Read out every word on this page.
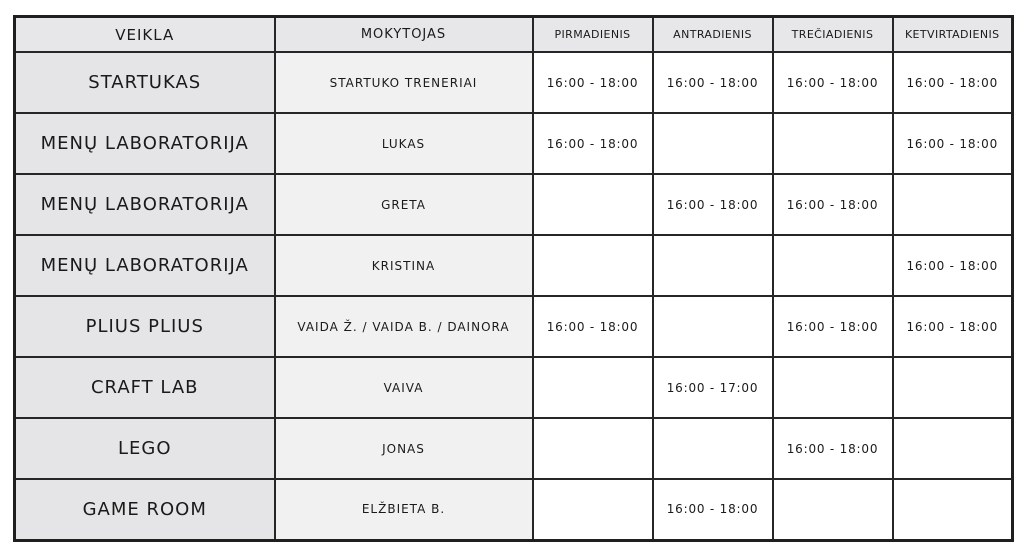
VEIKLA	MOKYTOJAS	PIRMADIENIS	ANTRADIENIS	TREČIADIENIS	KETVIRTADIENIS
STARTUKAS	STARTUKO TRENERIAI	16:00 - 18:00	16:00 - 18:00	16:00 - 18:00	16:00 - 18:00
MENŲ LABORATORIJA	LUKAS	16:00 - 18:00			16:00 - 18:00
MENŲ LABORATORIJA	GRETA		16:00 - 18:00	16:00 - 18:00	
MENŲ LABORATORIJA	KRISTINA				16:00 - 18:00
PLIUS PLIUS	VAIDA Ž. / VAIDA B. / DAINORA	16:00 - 18:00		16:00 - 18:00	16:00 - 18:00
CRAFT LAB	VAIVA		16:00 - 17:00		
LEGO	JONAS			16:00 - 18:00	
GAME ROOM	ELŽBIETA B.		16:00 - 18:00		
